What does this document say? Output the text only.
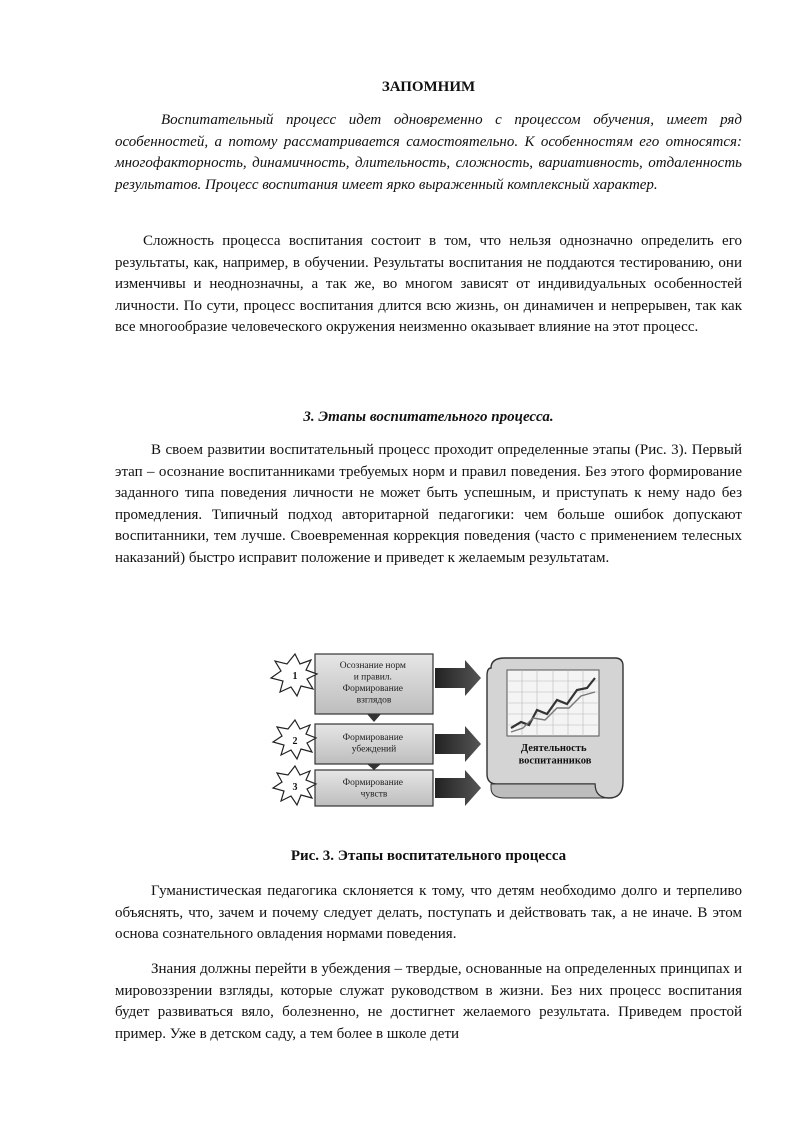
ЗАПОМНИМ

Воспитательный процесс идет одновременно с процессом обучения, имеет ряд особенностей, а потому рассматривается самостоятельно. К особенностям его относятся: многофакторность, динамичность, длительность, сложность, вариативность, отдаленность результатов. Процесс воспитания имеет ярко выраженный комплексный характер.

Сложность процесса воспитания состоит в том, что нельзя однозначно определить его результаты, как, например, в обучении. Результаты воспитания не поддаются тестированию, они изменчивы и неоднозначны, а так же, во многом зависят от индивидуальных особенностей личности. По сути, процесс воспитания длится всю жизнь, он динамичен и непрерывен, так как все многообразие человеческого окружения неизменно оказывает влияние на этот процесс.

3. Этапы воспитательного процесса.

В своем развитии воспитательный процесс проходит определенные этапы (Рис. 3). Первый этап – осознание воспитанниками требуемых норм и правил поведения. Без этого формирование заданного типа поведения личности не может быть успешным, и приступать к нему надо без промедления. Типичный подход авторитарной педагогики: чем больше ошибок допускают воспитанники, тем лучше. Своевременная коррекция поведения (часто с применением телесных наказаний) быстро исправит положение и приведет к желаемым результатам.

1
2
3
Осознание норм и правил. Формирование взглядов
Формирование убеждений
Формирование чувств
Деятельность воспитанников
Рис. 3. Этапы воспитательного процесса

Гуманистическая педагогика склоняется к тому, что детям необходимо долго и терпеливо объяснять, что, зачем и почему следует делать, поступать и действовать так, а не иначе. В этом основа сознательного овладения нормами поведения.

Знания должны перейти в убеждения – твердые, основанные на определенных принципах и мировоззрении взгляды, которые служат руководством в жизни. Без них процесс воспитания будет развиваться вяло, болезненно, не достигнет желаемого результата. Приведем простой пример. Уже в детском саду, а тем более в школе дети
